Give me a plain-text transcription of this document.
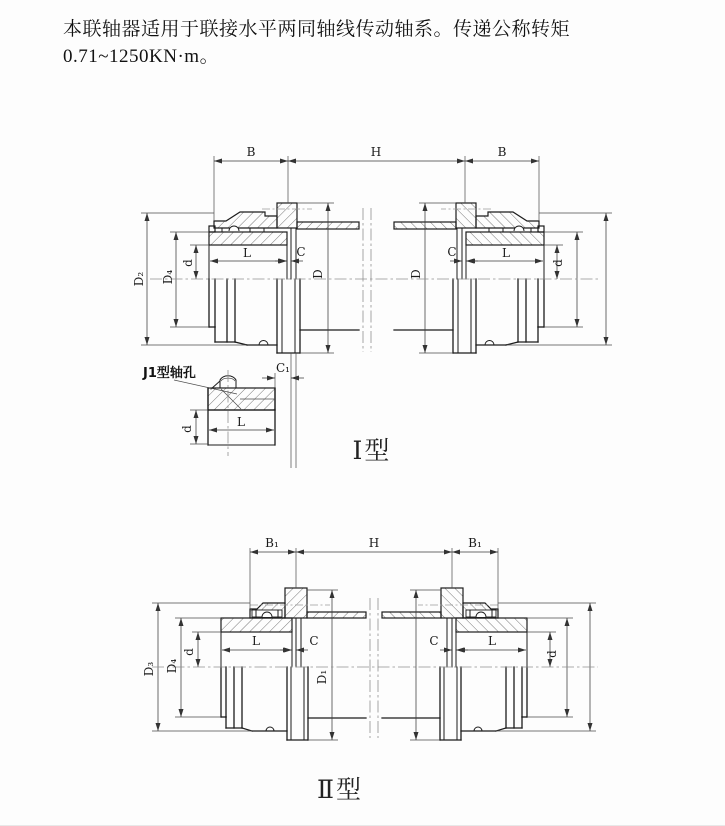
本联轴器适用于联接水平两同轴线传动轴系。传递公称转矩0.71~1250KN·m。
B	H	B
D₂ D₄
d
L	C
D	D
C	L
d
Ⅰ型
J1型轴孔	C₁
d	L
B₁	H	B₁
D₃ D₄
d
L	C
D₁
C	L
d
Ⅱ型
